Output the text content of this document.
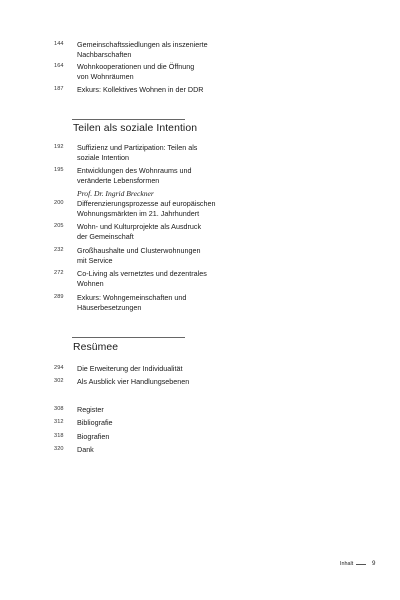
144	Gemeinschaftssiedlungen als inszenierte
Nachbarschaften
164	Wohnkooperationen und die Öffnung
von Wohnräumen
187	Exkurs: Kollektives Wohnen in der DDR
Teilen als soziale Intention
192	Suffizienz und Partizipation: Teilen als
soziale Intention
195	Entwicklungen des Wohnraums und
veränderte Lebensformen
Prof. Dr. Ingrid Breckner
200	Differenzierungsprozesse auf europäischen
Wohnungsmärkten im 21. Jahrhundert
205	Wohn- und Kulturprojekte als Ausdruck
der Gemeinschaft
232	Großhaushalte und Clusterwohnungen
mit Service
272	Co-Living als vernetztes und dezentrales
Wohnen
289	Exkurs: Wohngemeinschaften und
Häuserbesetzungen
Resümee
294	Die Erweiterung der Individualität
302	Als Ausblick vier Handlungsebenen
308	Register
312	Bibliografie
318	Biografien
320	Dank
Inhalt	9
